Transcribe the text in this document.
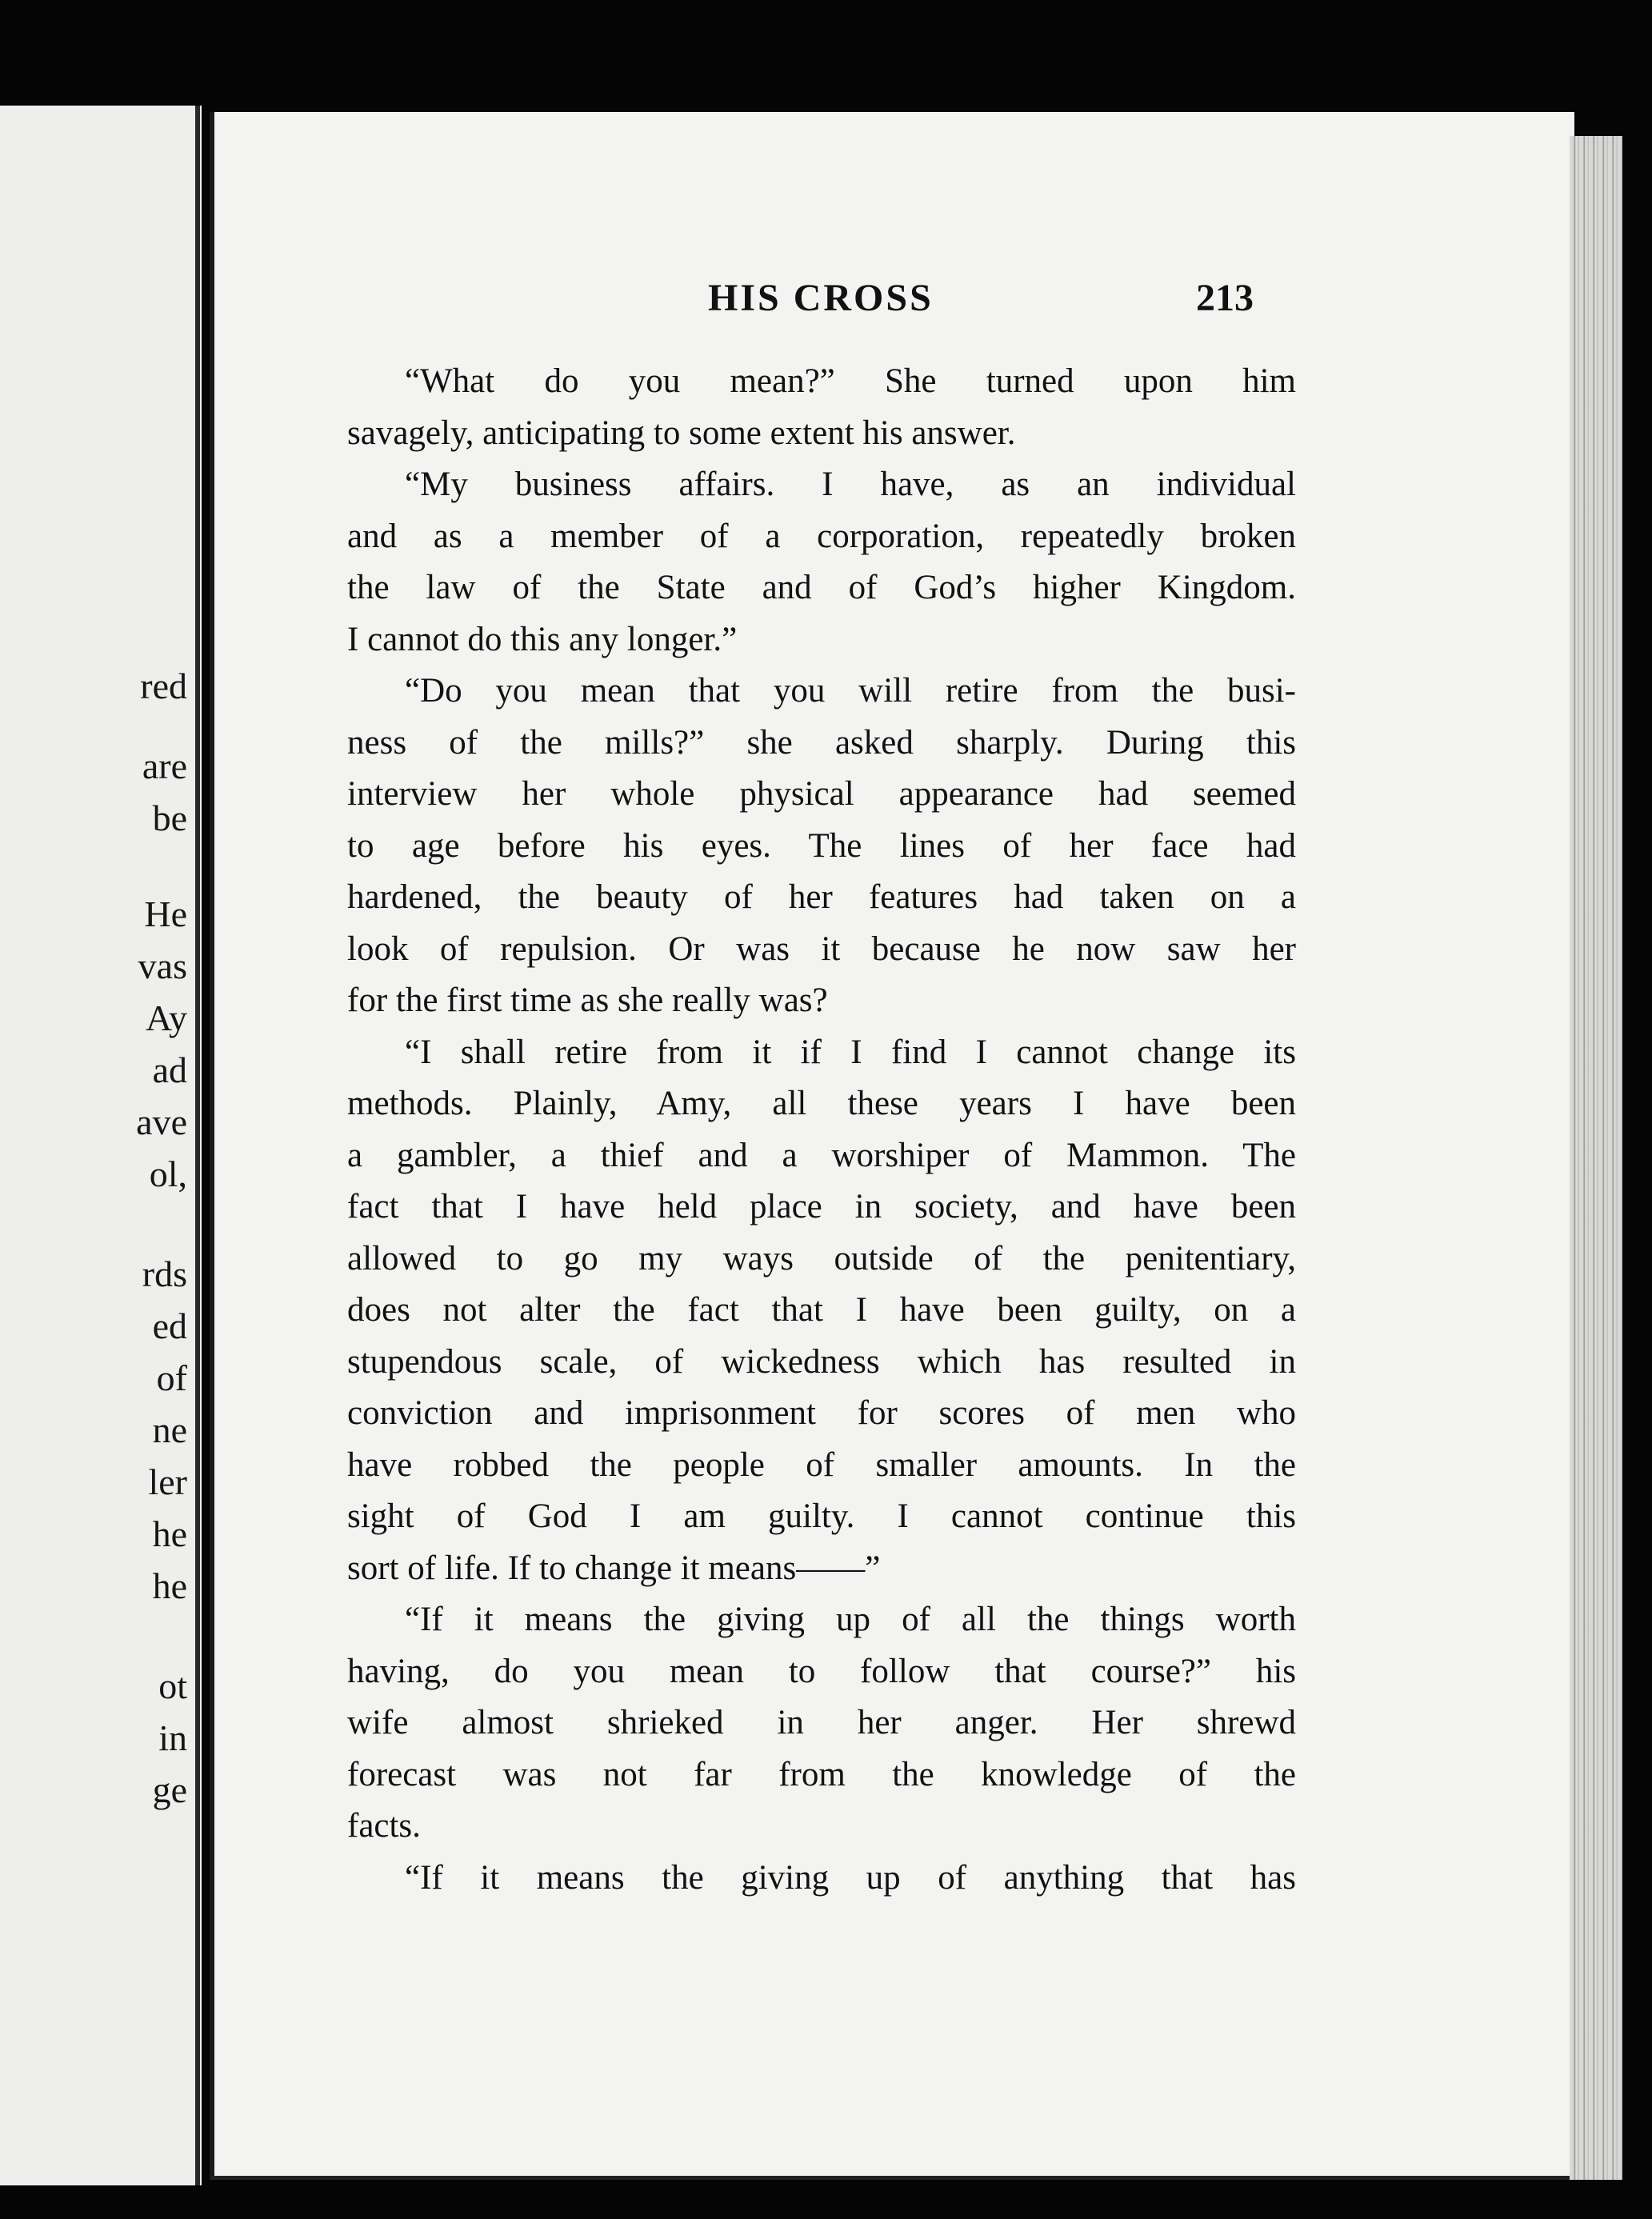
red
are
be
He
vas
Ay
ad
ave
ol,
rds
ed
of
ne
ler
he
he
ot
in
ge
HIS CROSS	213
“What do you mean?” She turned upon him
savagely, anticipating to some extent his answer.
“My business affairs. I have, as an individual
and as a member of a corporation, repeatedly broken
the law of the State and of God’s higher Kingdom.
I cannot do this any longer.”
“Do you mean that you will retire from the busi-
ness of the mills?” she asked sharply. During this
interview her whole physical appearance had seemed
to age before his eyes. The lines of her face had
hardened, the beauty of her features had taken on a
look of repulsion. Or was it because he now saw her
for the first time as she really was?
“I shall retire from it if I find I cannot change its
methods. Plainly, Amy, all these years I have been
a gambler, a thief and a worshiper of Mammon. The
fact that I have held place in society, and have been
allowed to go my ways outside of the penitentiary,
does not alter the fact that I have been guilty, on a
stupendous scale, of wickedness which has resulted in
conviction and imprisonment for scores of men who
have robbed the people of smaller amounts. In the
sight of God I am guilty. I cannot continue this
sort of life. If to change it means——”
“If it means the giving up of all the things worth
having, do you mean to follow that course?” his
wife almost shrieked in her anger. Her shrewd
forecast was not far from the knowledge of the
facts.
“If it means the giving up of anything that has
